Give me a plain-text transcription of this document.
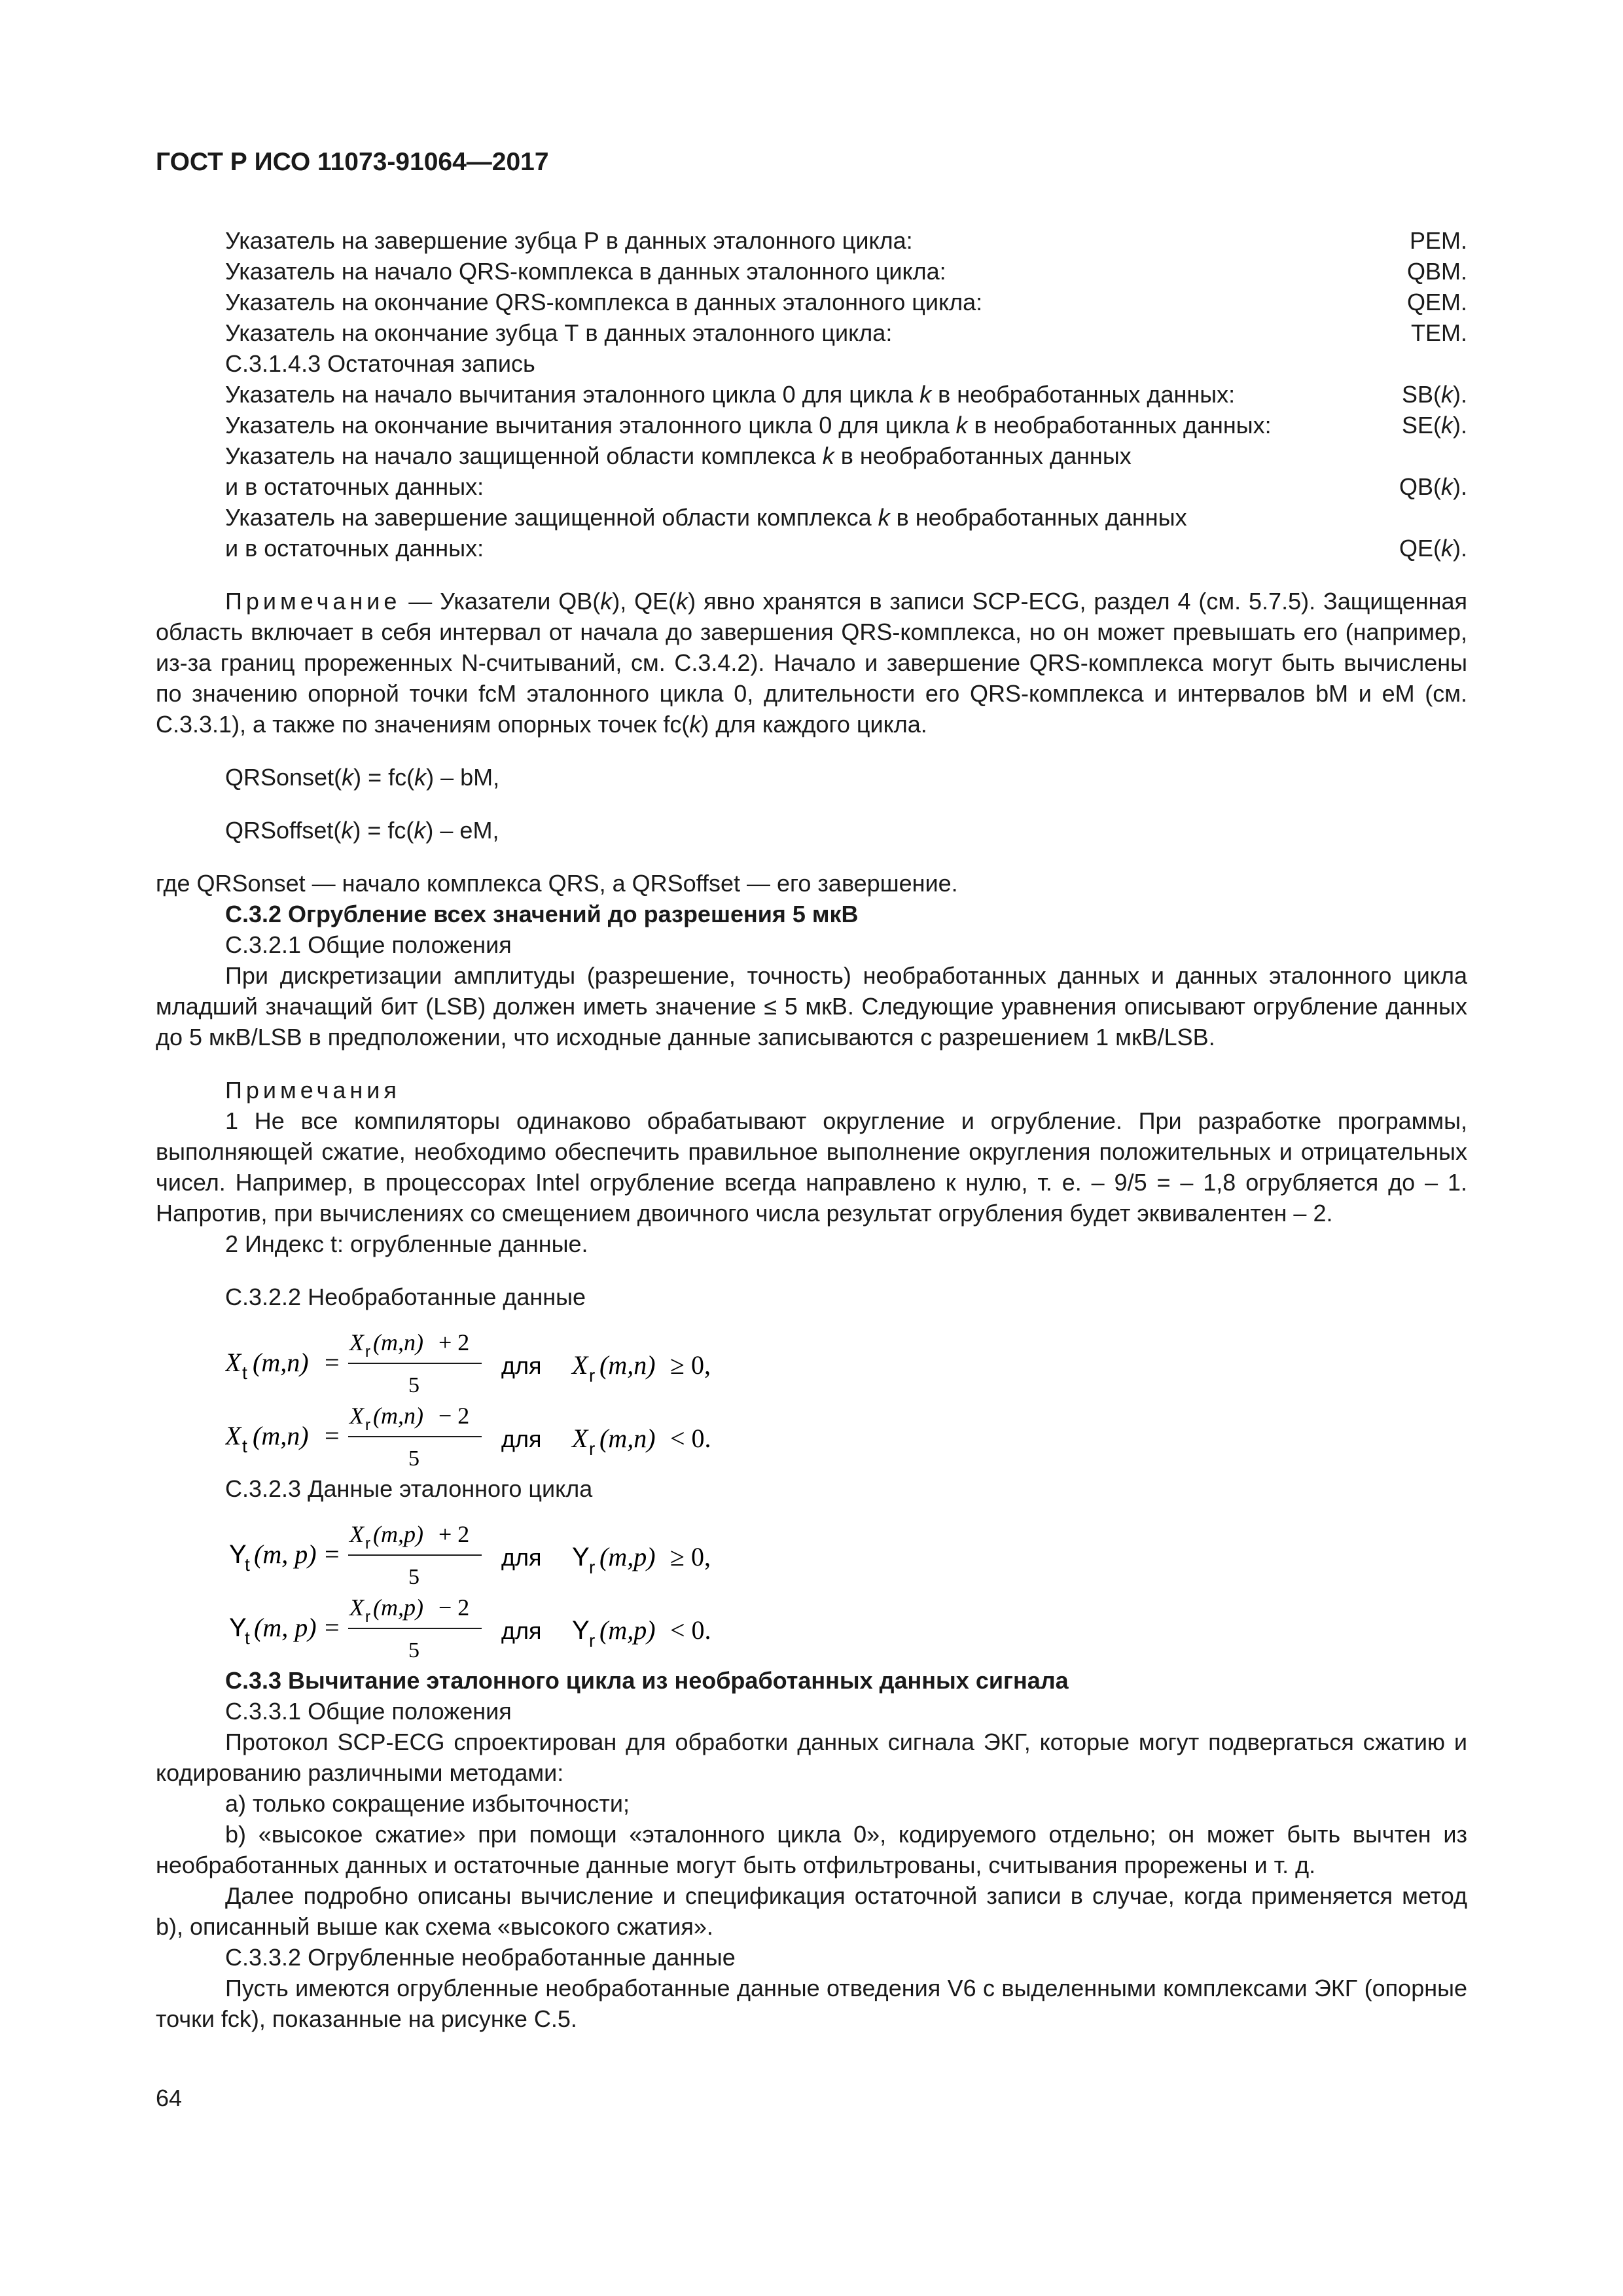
ГОСТ Р ИСО 11073-91064—2017
Указатель на завершение зубца Р в данных эталонного цикла:	PEM.
Указатель на начало QRS-комплекса в данных эталонного цикла:	QBM.
Указатель на окончание QRS-комплекса в данных эталонного цикла:	QEM.
Указатель на окончание зубца Т в данных эталонного цикла:	TEM.
С.3.1.4.3 Остаточная запись
Указатель на начало вычитания эталонного цикла 0 для цикла k в необработанных данных:	SB(k).
Указатель на окончание вычитания эталонного цикла 0 для цикла k в необработанных данных:	SE(k).
Указатель на начало защищенной области комплекса k в необработанных данных
и в остаточных данных:	QB(k).
Указатель на завершение защищенной области комплекса k в необработанных данных
и в остаточных данных:	QE(k).

Примечание — Указатели QB(k), QE(k) явно хранятся в записи SCP-ECG, раздел 4 (см. 5.7.5). Защищенная область включает в себя интервал от начала до завершения QRS-комплекса, но он может превышать его (например, из-за границ прореженных N-считываний, см. С.3.4.2). Начало и завершение QRS-комплекса могут быть вычислены по значению опорной точки fcM эталонного цикла 0, длительности его QRS-комплекса и интервалов bM и eM (см. С.3.3.1), а также по значениям опорных точек fc(k) для каждого цикла.

QRSonset(k) = fc(k) – bM,

QRSoffset(k) = fc(k) – eM,

где QRSonset — начало комплекса QRS, а QRSoffset — его завершение.

С.3.2 Огрубление всех значений до разрешения 5 мкВ

С.3.2.1 Общие положения

При дискретизации амплитуды (разрешение, точность) необработанных данных и данных эталонного цикла младший значащий бит (LSB) должен иметь значение ≤ 5 мкВ. Следующие уравнения описывают огрубление данных до 5 мкВ/LSB в предположении, что исходные данные записываются с разрешением 1 мкВ/LSB.

Примечания

1 Не все компиляторы одинаково обрабатывают округление и огрубление. При разработке программы, выполняющей сжатие, необходимо обеспечить правильное выполнение округления положительных и отрицательных чисел. Например, в процессорах Intel огрубление всегда направлено к нулю, т. е. – 9/5 = – 1,8 огрубляется до – 1. Напротив, при вычислениях со смещением двоичного числа результат огрубления будет эквивалентен – 2.

2 Индекс t: огрубленные данные.

С.3.2.2 Необработанные данные

X t (m,n) =
X r (m,n) + 2
5
для X r (m,n) ≥ 0,
X t (m,n) =
X r (m,n) − 2
5
для X r (m,n) < 0.

С.3.2.3 Данные эталонного цикла

Y
t (m, p) =
X r (m,p) + 2
5
для Y r (m,p) ≥ 0,
Y
t (m, p) =
X r (m,p) − 2
5
для Y r (m,p) < 0.

С.3.3 Вычитание эталонного цикла из необработанных данных сигнала

С.3.3.1 Общие положения

Протокол SCP-ECG спроектирован для обработки данных сигнала ЭКГ, которые могут подвергаться сжатию и кодированию различными методами:

a) только сокращение избыточности;

b) «высокое сжатие» при помощи «эталонного цикла 0», кодируемого отдельно; он может быть вычтен из необработанных данных и остаточные данные могут быть отфильтрованы, считывания прорежены и т. д.

Далее подробно описаны вычисление и спецификация остаточной записи в случае, когда применяется метод b), описанный выше как схема «высокого сжатия».

С.3.3.2 Огрубленные необработанные данные

Пусть имеются огрубленные необработанные данные отведения V6 с выделенными комплексами ЭКГ (опорные точки fck), показанные на рисунке С.5.

64
